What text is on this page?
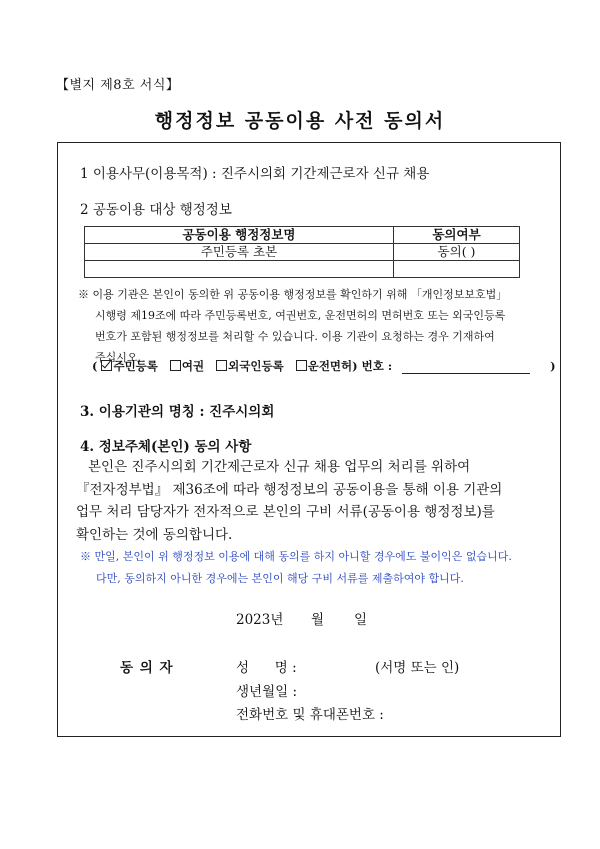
【별지 제8호 서식】
행정정보 공동이용 사전 동의서
1 이용사무(이용목적) : 진주시의회 기간제근로자 신규 채용
2 공동이용 대상 행정정보
공동이용 행정정보명	동의여부
주민등록 초본	동의( )

※ 이용 기관은 본인이 동의한 위 공동이용 행정정보를 확인하기 위해 「개인정보보호법」
시행령 제19조에 따라 주민등록번호, 여권번호, 운전면허의 면허번호 또는 외국인등록
번호가 포함된 행정정보를 처리할 수 있습니다. 이용 기관이 요청하는 경우 기재하여
주십시오.
( 주민등록 여권 외국인등록 운전면허) 번호 :	)
3. 이용기관의 명칭 : 진주시의회
4. 정보주체(본인) 동의 사항
본인은 진주시의회 기간제근로자 신규 채용 업무의 처리를 위하여
『전자정부법』 제36조에 따라 행정정보의 공동이용을 통해 이용 기관의
업무 처리 담당자가 전자적으로 본인의 구비 서류(공동이용 행정정보)를
확인하는 것에 동의합니다.
※ 만일, 본인이 위 행정정보 이용에 대해 동의를 하지 아니할 경우에도 불이익은 없습니다.
다만, 동의하지 아니한 경우에는 본인이 해당 구비 서류를 제출하여야 합니다.
2023년 월 일
동 의 자	성      명 :	(서명 또는 인)
생년월일 :
전화번호 및 휴대폰번호 :
